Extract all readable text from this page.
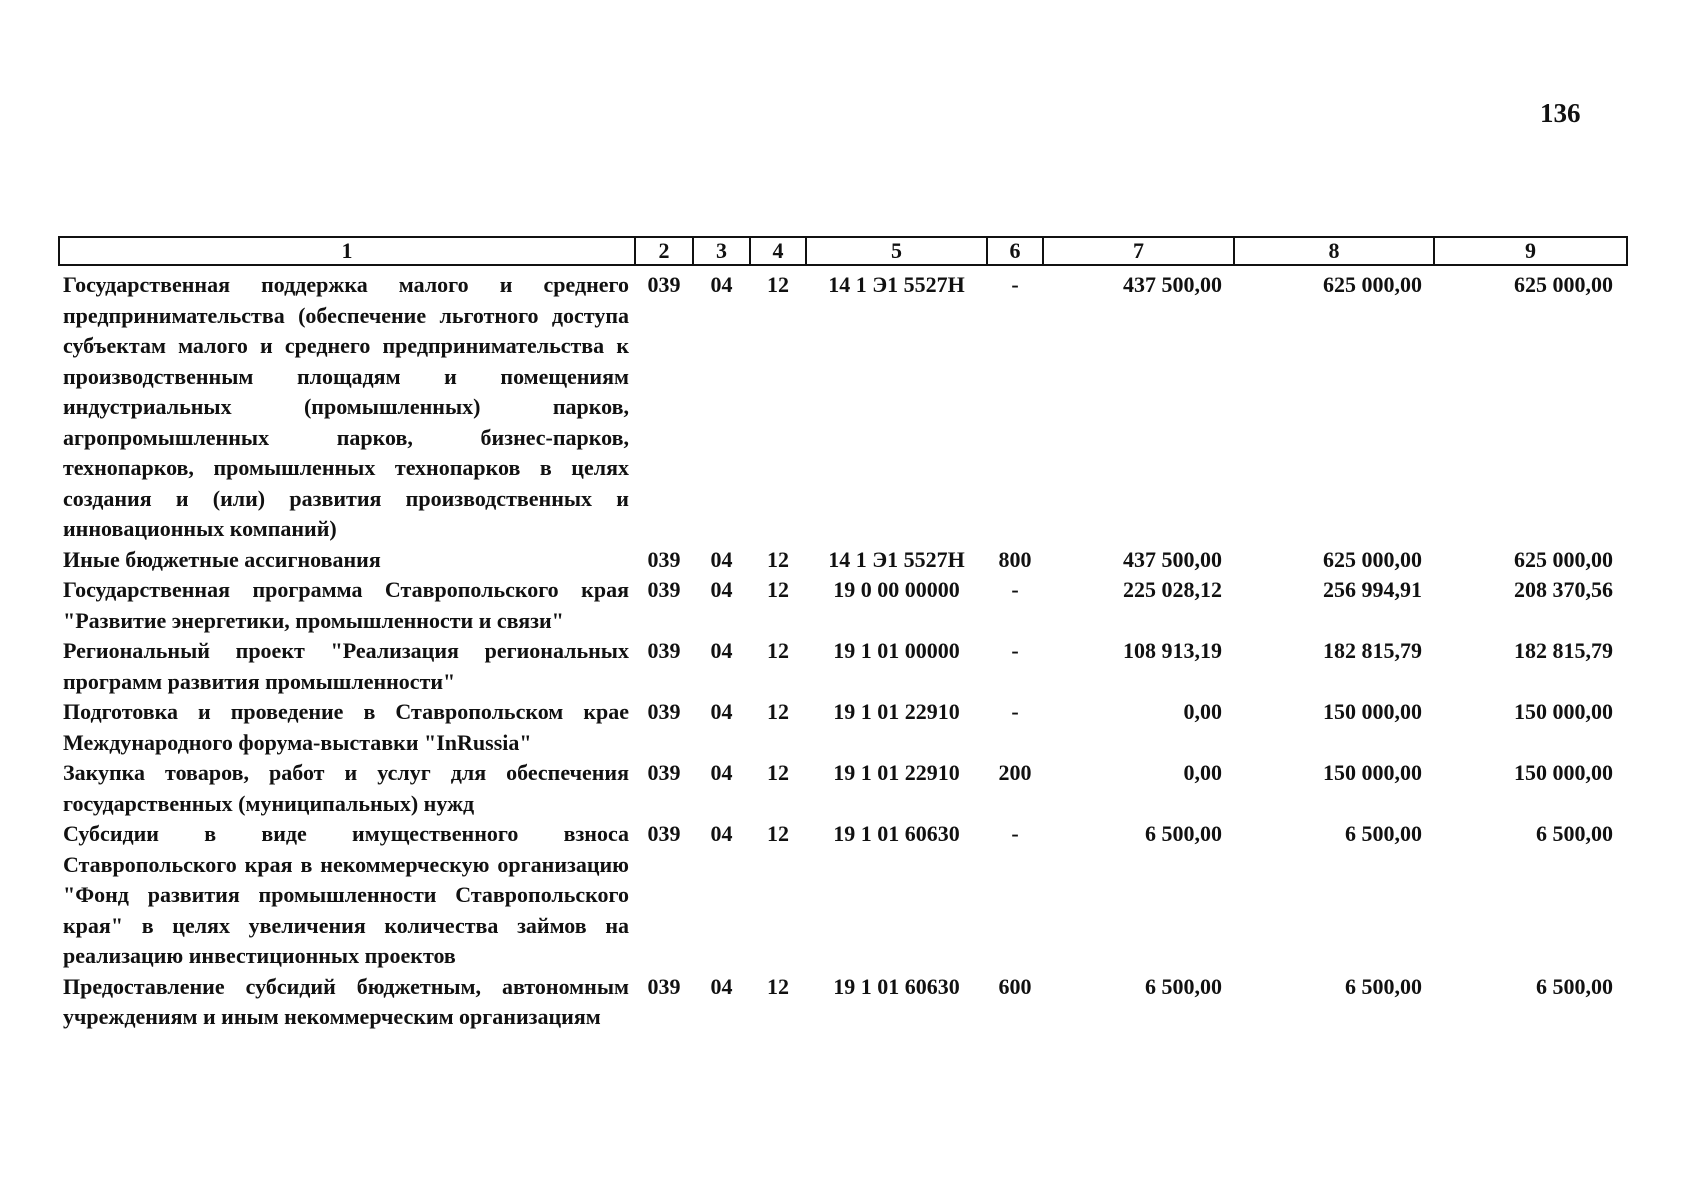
136
1	2	3	4	5	6	7	8	9
Государственная поддержка малого и среднего предпринимательства (обеспечение льготного доступа субъектам малого и среднего предпринимательства к производственным площадям и помещениям индустриальных (промышленных) парков, агропромышленных парков, бизнес-парков, технопарков, промышленных технопарков в целях создания и (или) развития производственных и инновационных компаний)	039	04	12	14 1 Э1 5527Н	-	437 500,00	625 000,00	625 000,00
Иные бюджетные ассигнования	039	04	12	14 1 Э1 5527Н	800	437 500,00	625 000,00	625 000,00
Государственная программа Ставропольского края "Развитие энергетики, промышленности и связи"	039	04	12	19 0 00 00000	-	225 028,12	256 994,91	208 370,56
Региональный проект "Реализация региональных программ развития промышленности"	039	04	12	19 1 01 00000	-	108 913,19	182 815,79	182 815,79
Подготовка и проведение в Ставропольском крае Международного форума-выставки "InRussia"	039	04	12	19 1 01 22910	-	0,00	150 000,00	150 000,00
Закупка товаров, работ и услуг для обеспечения государственных (муниципальных) нужд	039	04	12	19 1 01 22910	200	0,00	150 000,00	150 000,00
Субсидии в виде имущественного взноса Ставропольского края в некоммерческую организацию "Фонд развития промышленности Ставропольского края" в целях увеличения количества займов на реализацию инвестиционных проектов	039	04	12	19 1 01 60630	-	6 500,00	6 500,00	6 500,00
Предоставление субсидий бюджетным, автономным учреждениям и иным некоммерческим организациям	039	04	12	19 1 01 60630	600	6 500,00	6 500,00	6 500,00
